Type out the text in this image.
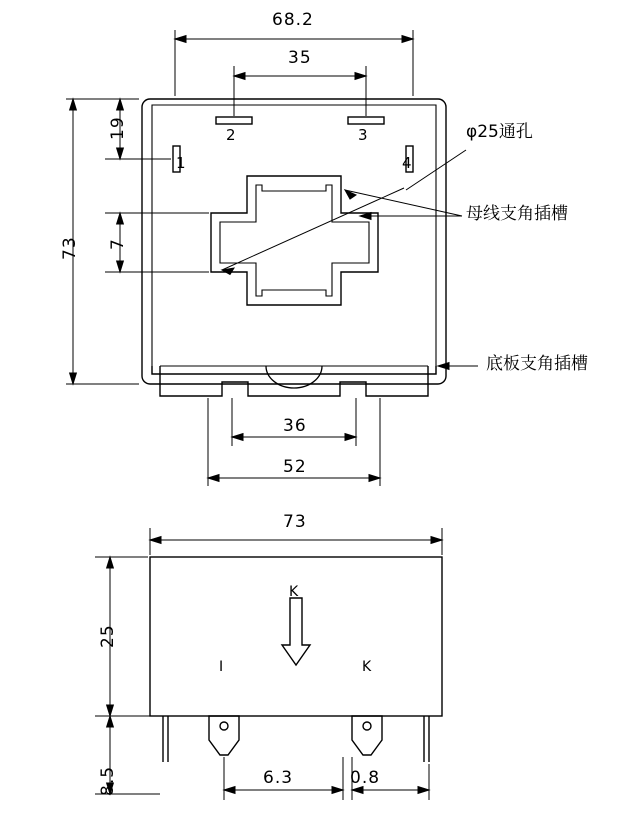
68.2
35
73
19
7
36
52
1
2	3
4
φ25通孔
母线支角插槽
底板支角插槽
73
25
8.5	6.3	0.8
I	K
K
